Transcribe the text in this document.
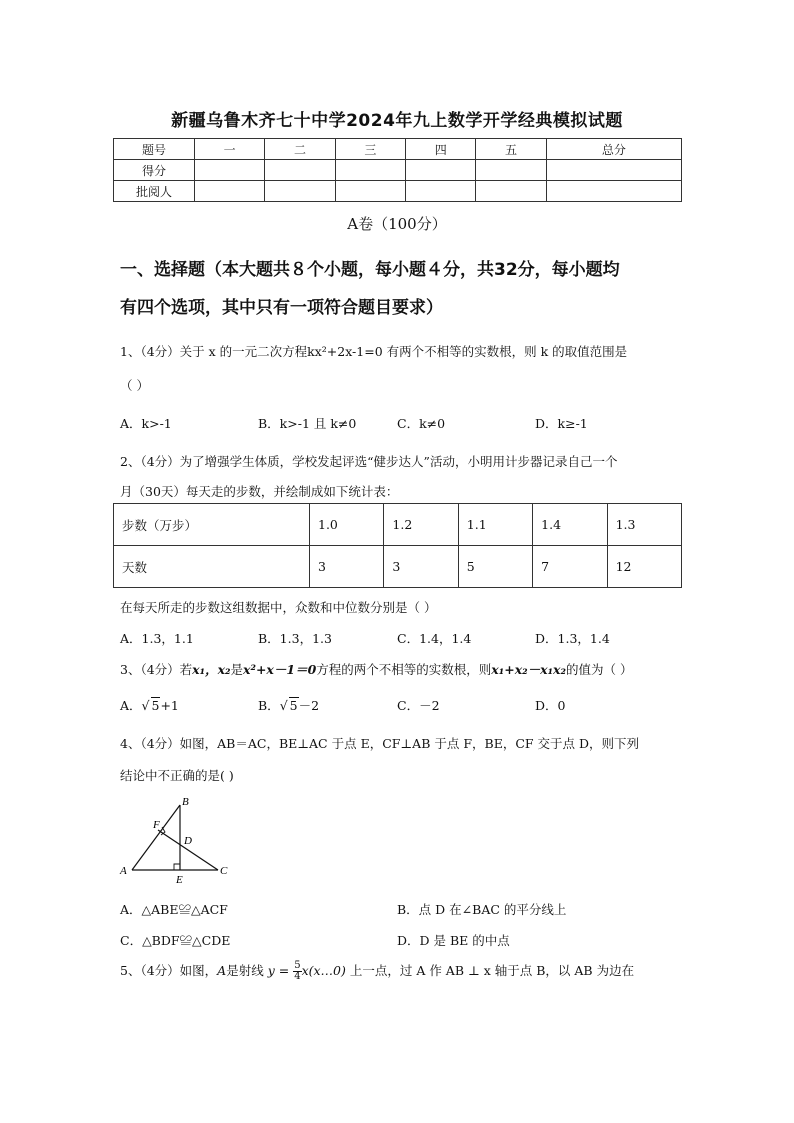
新疆乌鲁木齐七十中学2024年九上数学开学经典模拟试题
题号	一	二	三	四	五	总分
得分						
批阅人						
A卷（100分）
一、选择题（本大题共８个小题，每小题４分，共32分，每小题均
有四个选项，其中只有一项符合题目要求）
1、（4分）关于 x 的一元二次方程kx²+2x-1=0 有两个不相等的实数根，则 k 的取值范围是
（ ）
A．k>-1	B．k>-1 且 k≠0	C．k≠0	D．k≥-1
2、（4分）为了增强学生体质，学校发起评选“健步达人”活动，小明用计步器记录自己一个
月（30天）每天走的步数，并绘制成如下统计表：
步数（万步）	1.0	1.2	1.1	1.4	1.3
天数	3	3	5	7	12
在每天所走的步数这组数据中，众数和中位数分别是（ ）
A．1.3，1.1	B．1.3，1.3	C．1.4，1.4	D．1.3，1.4
3、（4分）若x₁，x₂是x²+x－1＝0方程的两个不相等的实数根，则x₁+x₂－x₁x₂的值为（ ）
A．√ 5+1	B．√ 5－2	C．－2	D．0
4、（4分）如图，AB＝AC，BE⊥AC 于点 E，CF⊥AB 于点 F，BE，CF 交于点 D，则下列
结论中不正确的是( )
A
B
C
D
E
F
A．△ABE≌△ACF	B．点 D 在∠BAC 的平分线上
C．△BDF≌△CDE	D．D 是 BE 的中点
5、（4分）如图，A是射线 $y = \frac{5}{4}$ x(x…0) 上一点，过 A 作 AB ⊥ x 轴于点 B，以 AB 为边在
